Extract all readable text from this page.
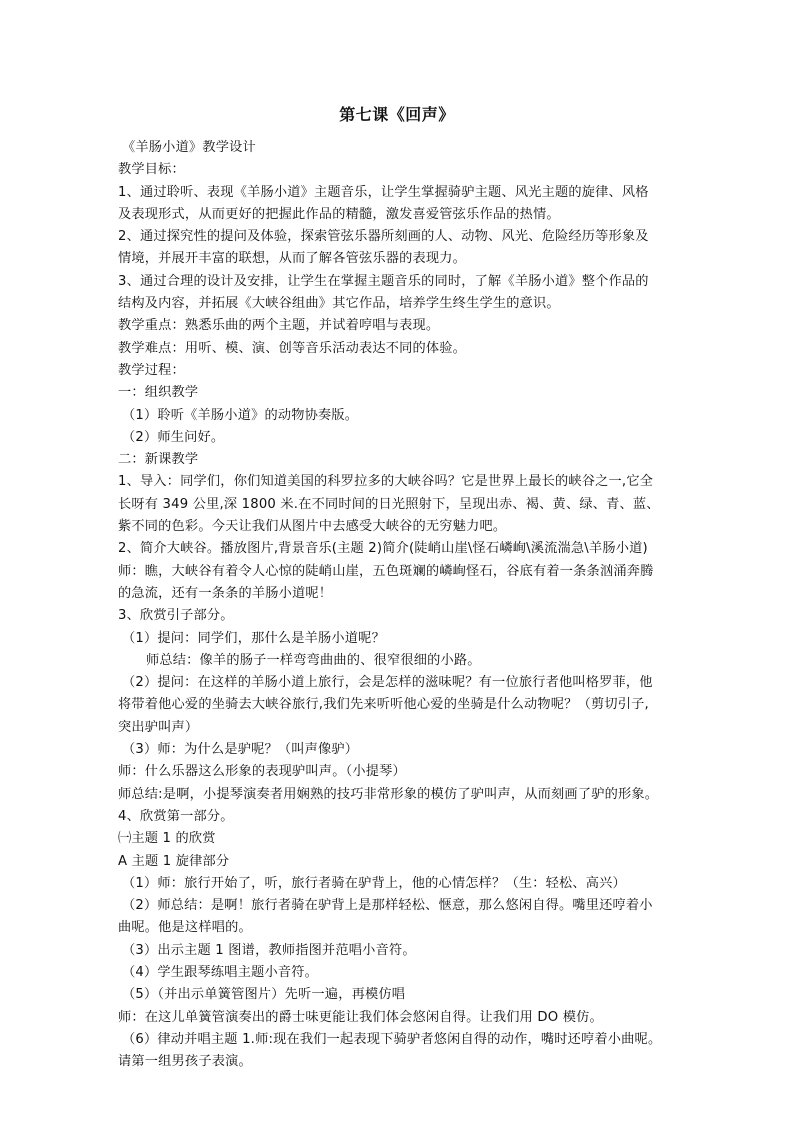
第七课《回声》
《羊肠小道》教学设计
教学目标：
1、通过聆听、表现《羊肠小道》主题音乐，让学生掌握骑驴主题、风光主题的旋律、风格
及表现形式，从而更好的把握此作品的精髓，激发喜爱管弦乐作品的热情。
2、通过探究性的提问及体验，探索管弦乐器所刻画的人、动物、风光、危险经历等形象及
情境，并展开丰富的联想，从而了解各管弦乐器的表现力。
3、通过合理的设计及安排，让学生在掌握主题音乐的同时，了解《羊肠小道》整个作品的
结构及内容，并拓展《大峡谷组曲》其它作品，培养学生终生学生的意识。
教学重点：熟悉乐曲的两个主题，并试着哼唱与表现。
教学难点：用听、模、演、创等音乐活动表达不同的体验。
教学过程：
一：组织教学
（1）聆听《羊肠小道》的动物协奏版。
（2）师生问好。
二：新课教学
1、导入：同学们，你们知道美国的科罗拉多的大峡谷吗？它是世界上最长的峡谷之一,它全
长呀有 349 公里,深 1800 米.在不同时间的日光照射下，呈现出赤、褐、黄、绿、青、蓝、
紫不同的色彩。今天让我们从图片中去感受大峡谷的无穷魅力吧。
2、简介大峡谷。播放图片,背景音乐(主题 2)简介(陡峭山崖\怪石嶙峋\溪流湍急\羊肠小道)
师：瞧，大峡谷有着令人心惊的陡峭山崖，五色斑斓的嶙峋怪石，谷底有着一条条汹涌奔腾
的急流，还有一条条的羊肠小道呢！
3、欣赏引子部分。
（1）提问：同学们，那什么是羊肠小道呢？
师总结：像羊的肠子一样弯弯曲曲的、很窄很细的小路。
（2）提问：在这样的羊肠小道上旅行，会是怎样的滋味呢？有一位旅行者他叫格罗菲，他
将带着他心爱的坐骑去大峡谷旅行,我们先来听听他心爱的坐骑是什么动物呢？（剪切引子,
突出驴叫声）
（3）师：为什么是驴呢？（叫声像驴）
师：什么乐器这么形象的表现驴叫声。（小提琴）
师总结:是啊，小提琴演奏者用娴熟的技巧非常形象的模仿了驴叫声，从而刻画了驴的形象。
4、欣赏第一部分。
㈠主题 1 的欣赏
A 主题 1 旋律部分
（1）师：旅行开始了，听，旅行者骑在驴背上，他的心情怎样？（生：轻松、高兴）
（2）师总结：是啊！旅行者骑在驴背上是那样轻松、惬意，那么悠闲自得。嘴里还哼着小
曲呢。他是这样唱的。
（3）出示主题 1 图谱，教师指图并范唱小音符。
（4）学生跟琴练唱主题小音符。
（5）（并出示单簧管图片）先听一遍，再模仿唱
师：在这儿单簧管演奏出的爵士味更能让我们体会悠闲自得。让我们用 DO 模仿。
（6）律动并唱主题 1.师:现在我们一起表现下骑驴者悠闲自得的动作，嘴时还哼着小曲呢。
请第一组男孩子表演。
